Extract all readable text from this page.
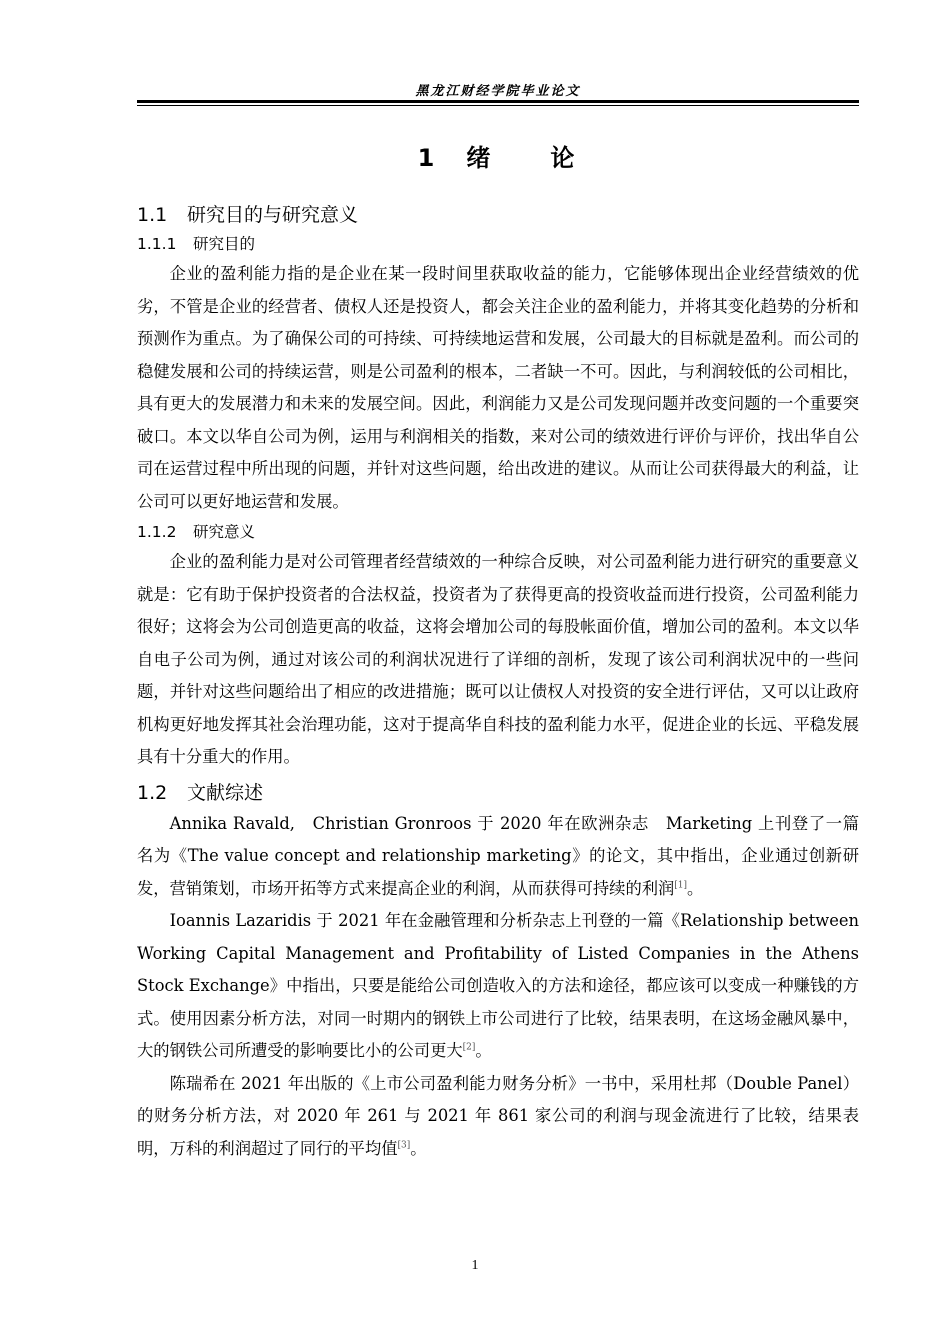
黑龙江财经学院毕业论文
1 绪　　论
1.1 研究目的与研究意义
1.1.1 研究目的

企业的盈利能力指的是企业在某一段时间里获取收益的能力，它能够体现出企业经营绩效的优劣，不管是企业的经营者、债权人还是投资人，都会关注企业的盈利能力，并将其变化趋势的分析和预测作为重点。为了确保公司的可持续、可持续地运营和发展，公司最大的目标就是盈利。而公司的稳健发展和公司的持续运营，则是公司盈利的根本，二者缺一不可。因此，与利润较低的公司相比，具有更大的发展潜力和未来的发展空间。因此，利润能力又是公司发现问题并改变问题的一个重要突破口。本文以华自公司为例，运用与利润相关的指数，来对公司的绩效进行评价与评价，找出华自公司在运营过程中所出现的问题，并针对这些问题，给出改进的建议。从而让公司获得最大的利益，让公司可以更好地运营和发展。

1.1.2 研究意义

企业的盈利能力是对公司管理者经营绩效的一种综合反映，对公司盈利能力进行研究的重要意义就是：它有助于保护投资者的合法权益，投资者为了获得更高的投资收益而进行投资，公司盈利能力很好；这将会为公司创造更高的收益，这将会增加公司的每股帐面价值，增加公司的盈利。本文以华自电子公司为例，通过对该公司的利润状况进行了详细的剖析，发现了该公司利润状况中的一些问题，并针对这些问题给出了相应的改进措施；既可以让债权人对投资的安全进行评估，又可以让政府机构更好地发挥其社会治理功能，这对于提高华自科技的盈利能力水平，促进企业的长远、平稳发展具有十分重大的作用。

1.2 文献综述

Annika Ravald,　Christian Gronroos 于 2020 年在欧洲杂志　Marketing 上刊登了一篇名为《The value concept and relationship marketing》的论文，其中指出，企业通过创新研发，营销策划，市场开拓等方式来提高企业的利润，从而获得可持续的利润[1]。

Ioannis Lazaridis 于 2021 年在金融管理和分析杂志上刊登的一篇《Relationship between Working Capital Management and Profitability of Listed Companies in the Athens Stock Exchange》中指出，只要是能给公司创造收入的方法和途径，都应该可以变成一种赚钱的方式。使用因素分析方法，对同一时期内的钢铁上市公司进行了比较，结果表明，在这场金融风暴中，大的钢铁公司所遭受的影响要比小的公司更大[2]。

陈瑞希在 2021 年出版的《上市公司盈利能力财务分析》一书中，采用杜邦（Double Panel）的财务分析方法，对 2020 年 261 与 2021 年 861 家公司的利润与现金流进行了比较，结果表明，万科的利润超过了同行的平均值[3]。

1
